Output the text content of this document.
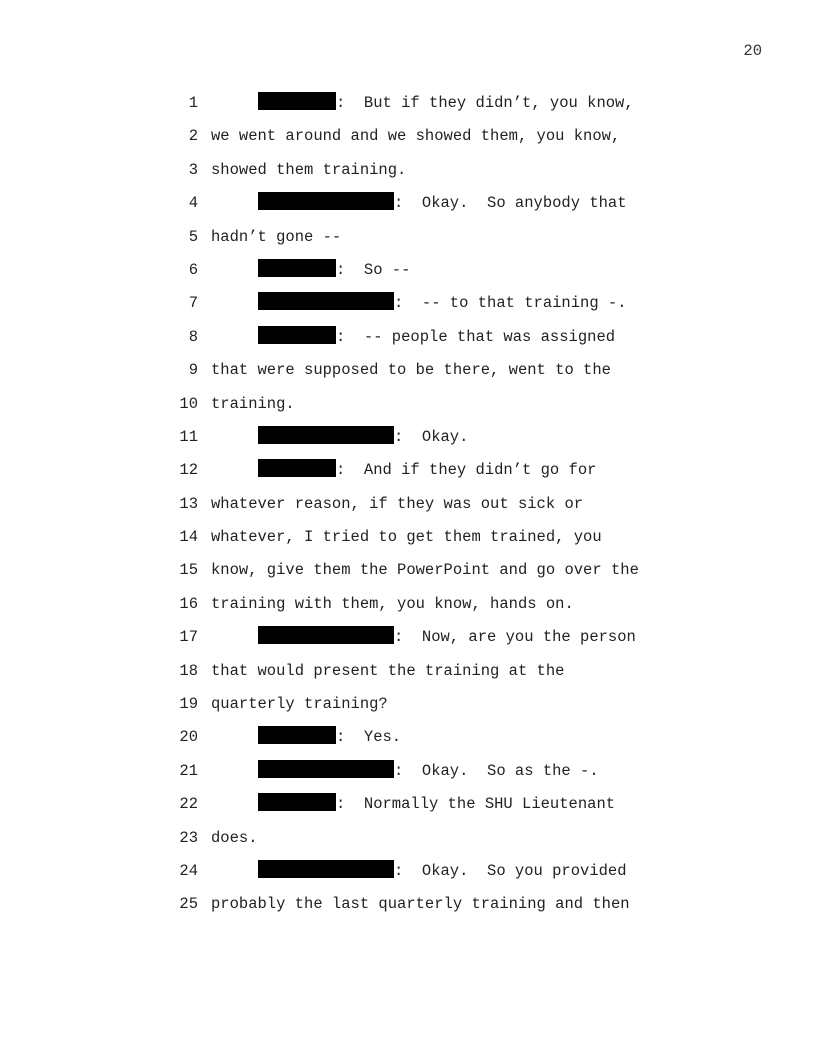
20
1	:  But if they didn’t, you know,
2 we went around and we showed them, you know,
3 showed them training.
4	:  Okay.  So anybody that
5 hadn’t gone --
6	:  So --
7	:  -- to that training -.
8	:  -- people that was assigned
9 that were supposed to be there, went to the
10 training.
11	:  Okay.
12	:  And if they didn’t go for
13 whatever reason, if they was out sick or
14 whatever, I tried to get them trained, you
15 know, give them the PowerPoint and go over the
16 training with them, you know, hands on.
17	:  Now, are you the person
18 that would present the training at the
19 quarterly training?
20	:  Yes.
21	:  Okay.  So as the -.
22	:  Normally the SHU Lieutenant
23 does.
24	:  Okay.  So you provided
25 probably the last quarterly training and then
